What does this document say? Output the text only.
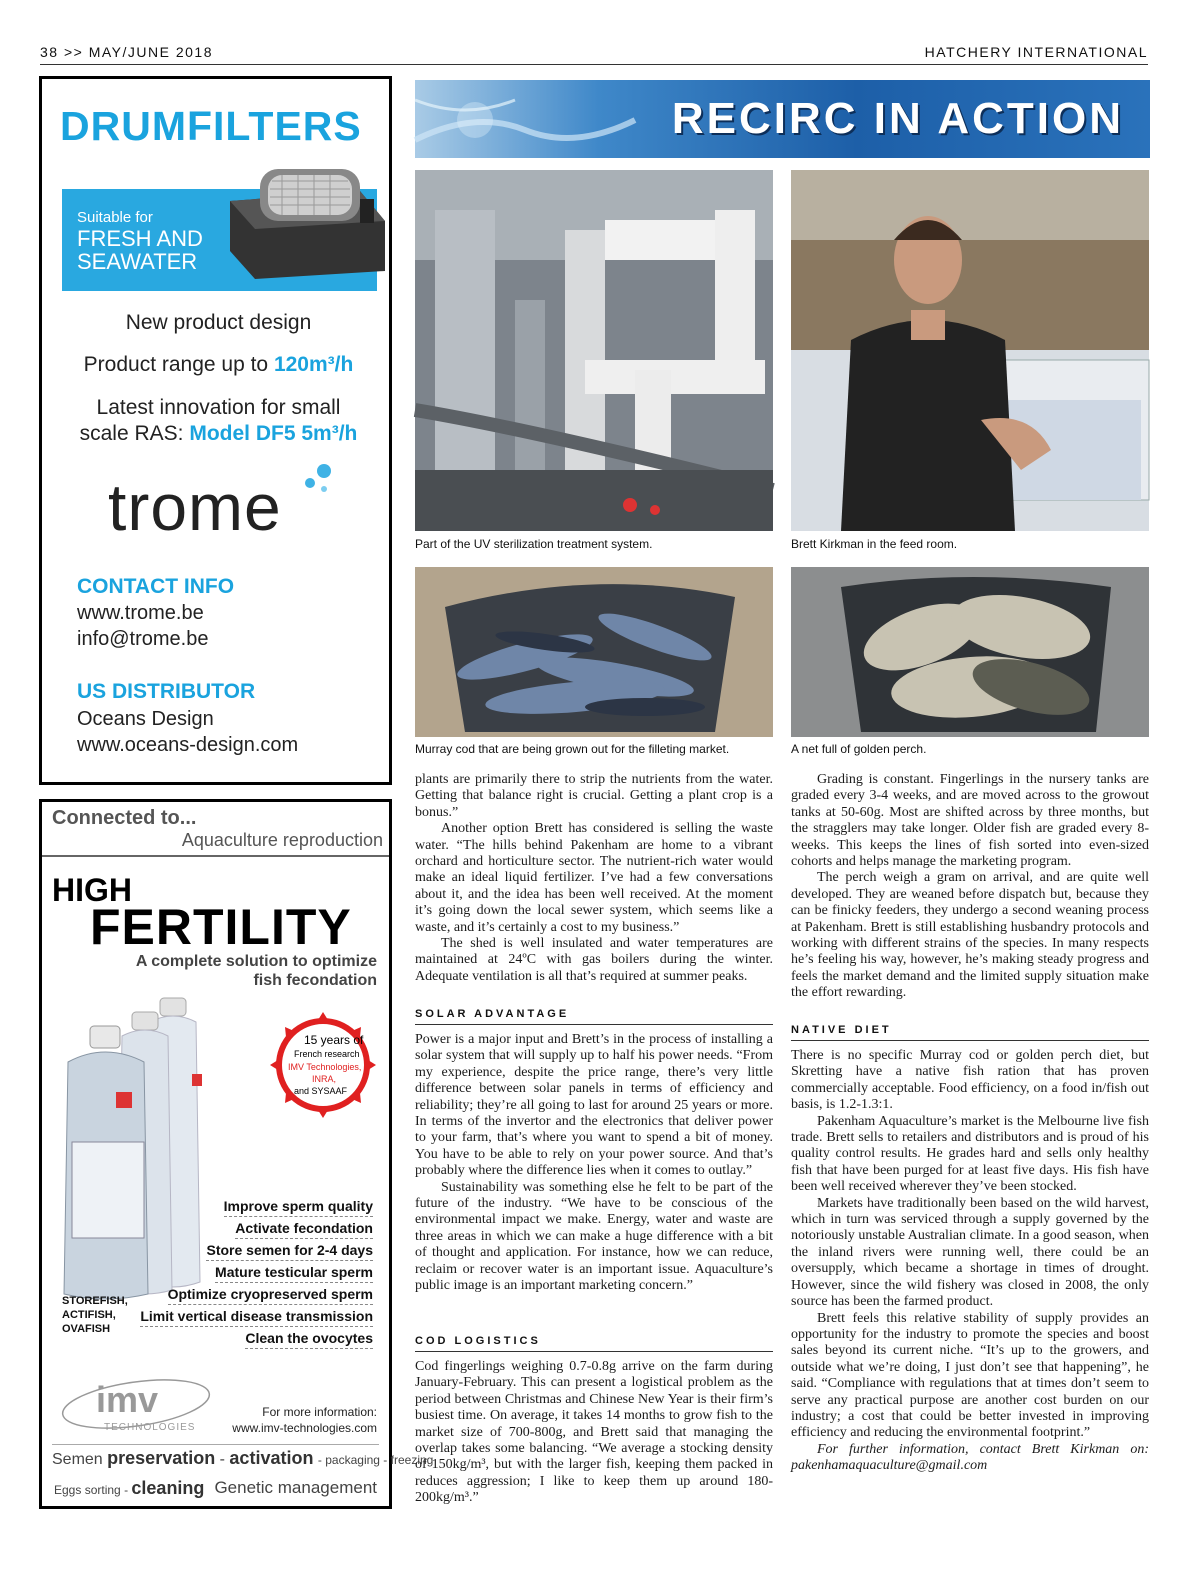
38 >> MAY/JUNE 2018	HATCHERY INTERNATIONAL
DRUMFILTERS
Suitable for
FRESH AND SEAWATER
New product design
Product range up to 120m³/h
Latest innovation for small
scale RAS: Model DF5 5m³/h
trome
CONTACT INFO
www.trome.be
info@trome.be
US DISTRIBUTOR
Oceans Design
www.oceans-design.com
Connected to...
Aquaculture reproduction
HIGH
FERTILITY
A complete solution to optimize
fish fecondation
15 years of
French research
IMV Technologies,
INRA,
and SYSAAF
Improve sperm quality
Activate fecondation
Store semen for 2-4 days
Mature testicular sperm
Optimize cryopreserved sperm
Limit vertical disease transmission
Clean the ovocytes
STOREFISH,
ACTIFISH,
OVAFISH
imv
TECHNOLOGIES
For more information:
www.imv-technologies.com
Semen preservation - activation - packaging - freezing
Eggs sorting - cleaning Genetic management
RECIRC IN ACTION
Part of the UV sterilization treatment system.	Brett Kirkman in the feed room.
Murray cod that are being grown out for the filleting market.	A net full of golden perch.

plants are primarily there to strip the nutrients from the water. Getting that balance right is crucial. Getting a plant crop is a bonus.”

Another option Brett has considered is selling the waste water. “The hills behind Pakenham are home to a vibrant orchard and horticulture sector. The nutrient-rich water would make an ideal liquid fertilizer. I’ve had a few conversations about it, and the idea has been well received. At the moment it’s going down the local sewer system, which seems like a waste, and it’s certainly a cost to my business.”

The shed is well insulated and water temperatures are maintained at 24ºC with gas boilers during the winter. Adequate ventilation is all that’s required at summer peaks.

SOLAR ADVANTAGE

Power is a major input and Brett’s in the process of installing a solar system that will supply up to half his power needs. “From my experience, despite the price range, there’s very little difference between solar panels in terms of efficiency and reliability; they’re all going to last for around 25 years or more. In terms of the invertor and the electronics that deliver power to your farm, that’s where you want to spend a bit of money. You have to be able to rely on your power source. And that’s probably where the difference lies when it comes to outlay.”

Sustainability was something else he felt to be part of the future of the industry. “We have to be conscious of the environmental impact we make. Energy, water and waste are three areas in which we can make a huge difference with a bit of thought and application. For instance, how we can reduce, reclaim or recover water is an important issue. Aquaculture’s public image is an important marketing concern.”

COD LOGISTICS

Cod fingerlings weighing 0.7-0.8g arrive on the farm during January-February. This can present a logistical problem as the period between Christmas and Chinese New Year is their firm’s busiest time. On average, it takes 14 months to grow fish to the market size of 700-800g, and Brett said that managing the overlap takes some balancing. “We average a stocking density of 150kg/m³, but with the larger fish, keeping them packed in reduces aggression; I like to keep them up around 180-200kg/m³.”

Grading is constant. Fingerlings in the nursery tanks are graded every 3-4 weeks, and are moved across to the growout tanks at 50-60g. Most are shifted across by three months, but the stragglers may take longer. Older fish are graded every 8-weeks. This keeps the lines of fish sorted into even-sized cohorts and helps manage the marketing program.

The perch weigh a gram on arrival, and are quite well developed. They are weaned before dispatch but, because they can be finicky feeders, they undergo a second weaning process at Pakenham. Brett is still establishing husbandry protocols and working with different strains of the species. In many respects he’s feeling his way, however, he’s making steady progress and feels the market demand and the limited supply situation make the effort rewarding.

NATIVE DIET

There is no specific Murray cod or golden perch diet, but Skretting have a native fish ration that has proven commercially acceptable. Food efficiency, on a food in/fish out basis, is 1.2-1.3:1.

Pakenham Aquaculture’s market is the Melbourne live fish trade. Brett sells to retailers and distributors and is proud of his quality control results. He grades hard and sells only healthy fish that have been purged for at least five days. His fish have been well received wherever they’ve been stocked.

Markets have traditionally been based on the wild harvest, which in turn was serviced through a supply governed by the notoriously unstable Australian climate. In a good season, when the inland rivers were running well, there could be an oversupply, which became a shortage in times of drought. However, since the wild fishery was closed in 2008, the only source has been the farmed product.

Brett feels this relative stability of supply provides an opportunity for the industry to promote the species and boost sales beyond its current niche. “It’s up to the growers, and outside what we’re doing, I just don’t see that happening”, he said. “Compliance with regulations that at times don’t seem to serve any practical purpose are another cost burden on our industry; a cost that could be better invested in improving efficiency and reducing the environmental footprint.”

For further information, contact Brett Kirkman on: pakenhamaquaculture@gmail.com
